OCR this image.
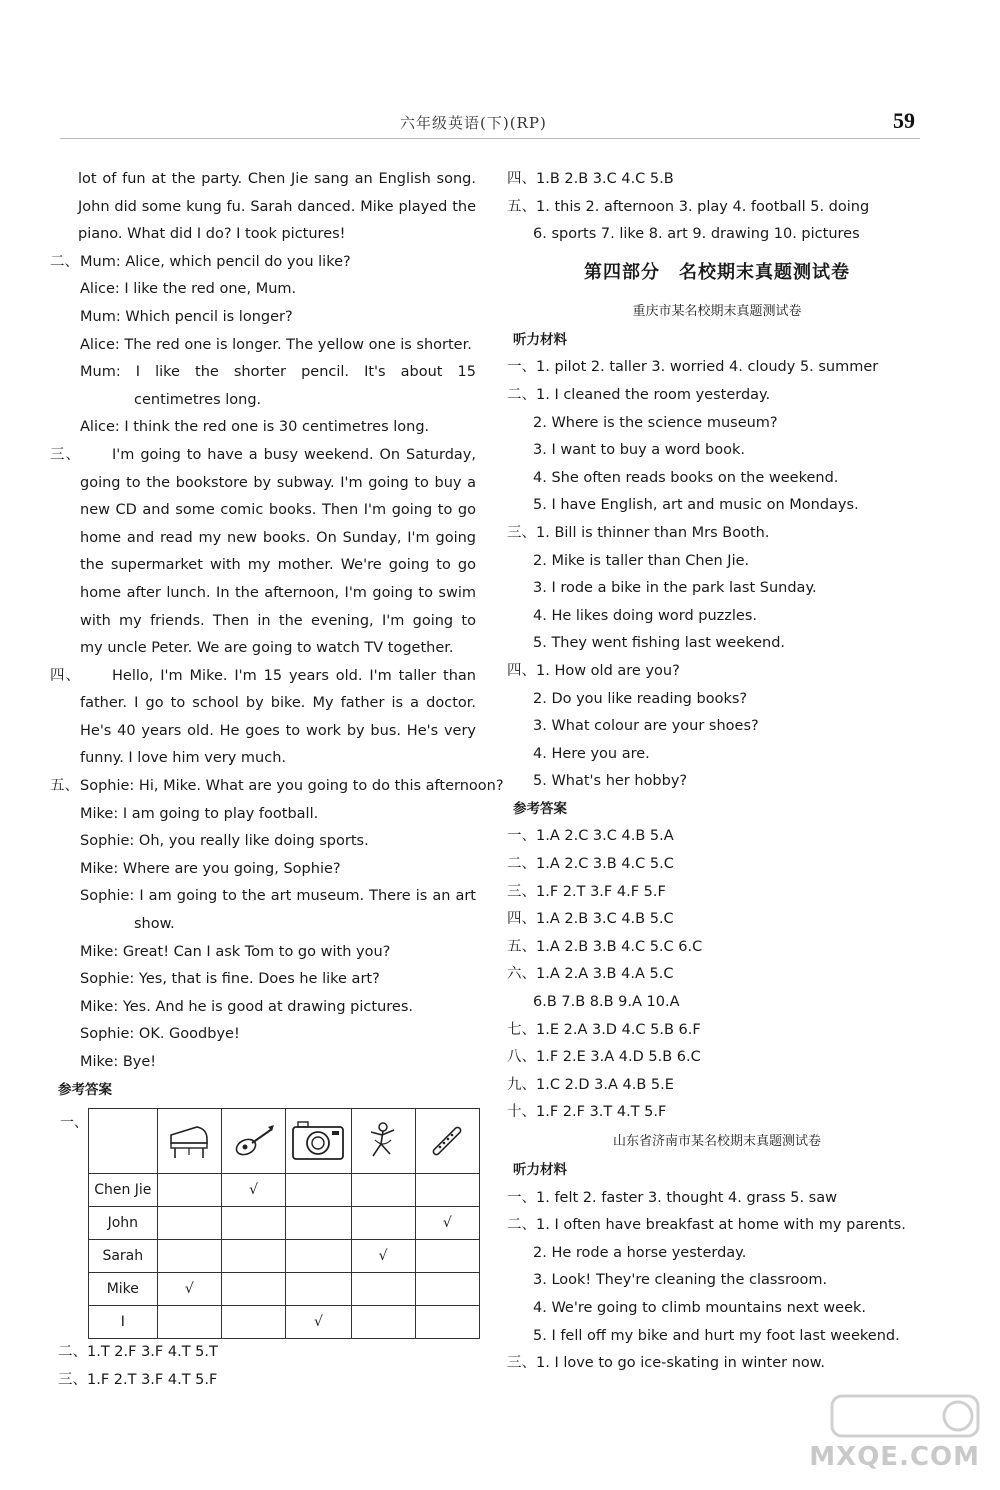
六年级英语(下)(RP)	59
lot of fun at the party. Chen Jie sang an English song.
John did some kung fu. Sarah danced. Mike played the
piano. What did I do? I took pictures!
二、 Mum: Alice, which pencil do you like?
Alice: I like the red one, Mum.
Mum: Which pencil is longer?
Alice: The red one is longer. The yellow one is shorter.
Mum: I like the shorter pencil. It's about 15
centimetres long.
Alice: I think the red one is 30 centimetres long.
三、 I'm going to have a busy weekend. On Saturday,
going to the bookstore by subway. I'm going to buy a
new CD and some comic books. Then I'm going to go
home and read my new books. On Sunday, I'm going
the supermarket with my mother. We're going to go
home after lunch. In the afternoon, I'm going to swim
with my friends. Then in the evening, I'm going to
my uncle Peter. We are going to watch TV together.
四、 Hello, I'm Mike. I'm 15 years old. I'm taller than
father. I go to school by bike. My father is a doctor.
He's 40 years old. He goes to work by bus. He's very
funny. I love him very much.
五、 Sophie: Hi, Mike. What are you going to do this afternoon?
Mike: I am going to play football.
Sophie: Oh, you really like doing sports.
Mike: Where are you going, Sophie?
Sophie: I am going to the art museum. There is an art
show.
Mike: Great! Can I ask Tom to go with you?
Sophie: Yes, that is fine. Does he like art?
Mike: Yes. And he is good at drawing pictures.
Sophie: OK. Goodbye!
Mike: Bye!
参考答案
一、

Chen Jie		√			
John					√
Sarah				√	
Mike	√				
I			√		
二、1.T 2.F 3.F 4.T 5.T
三、1.F 2.T 3.F 4.T 5.F
四、1.B 2.B 3.C 4.C 5.B
五、1. this 2. afternoon 3. play 4. football 5. doing
6. sports 7. like 8. art 9. drawing 10. pictures
第四部分　名校期末真题测试卷
重庆市某名校期末真题测试卷
听力材料
一、1. pilot 2. taller 3. worried 4. cloudy 5. summer
二、1. I cleaned the room yesterday.
2. Where is the science museum?
3. I want to buy a word book.
4. She often reads books on the weekend.
5. I have English, art and music on Mondays.
三、1. Bill is thinner than Mrs Booth.
2. Mike is taller than Chen Jie.
3. I rode a bike in the park last Sunday.
4. He likes doing word puzzles.
5. They went fishing last weekend.
四、1. How old are you?
2. Do you like reading books?
3. What colour are your shoes?
4. Here you are.
5. What's her hobby?
参考答案
一、1.A 2.C 3.C 4.B 5.A
二、1.A 2.C 3.B 4.C 5.C
三、1.F 2.T 3.F 4.F 5.F
四、1.A 2.B 3.C 4.B 5.C
五、1.A 2.B 3.B 4.C 5.C 6.C
六、1.A 2.A 3.B 4.A 5.C
6.B 7.B 8.B 9.A 10.A
七、1.E 2.A 3.D 4.C 5.B 6.F
八、1.F 2.E 3.A 4.D 5.B 6.C
九、1.C 2.D 3.A 4.B 5.E
十、1.F 2.F 3.T 4.T 5.F
山东省济南市某名校期末真题测试卷
听力材料
一、1. felt 2. faster 3. thought 4. grass 5. saw
二、1. I often have breakfast at home with my parents.
2. He rode a horse yesterday.
3. Look! They're cleaning the classroom.
4. We're going to climb mountains next week.
5. I fell off my bike and hurt my foot last weekend.
三、1. I love to go ice-skating in winter now.
MXQE.COM
